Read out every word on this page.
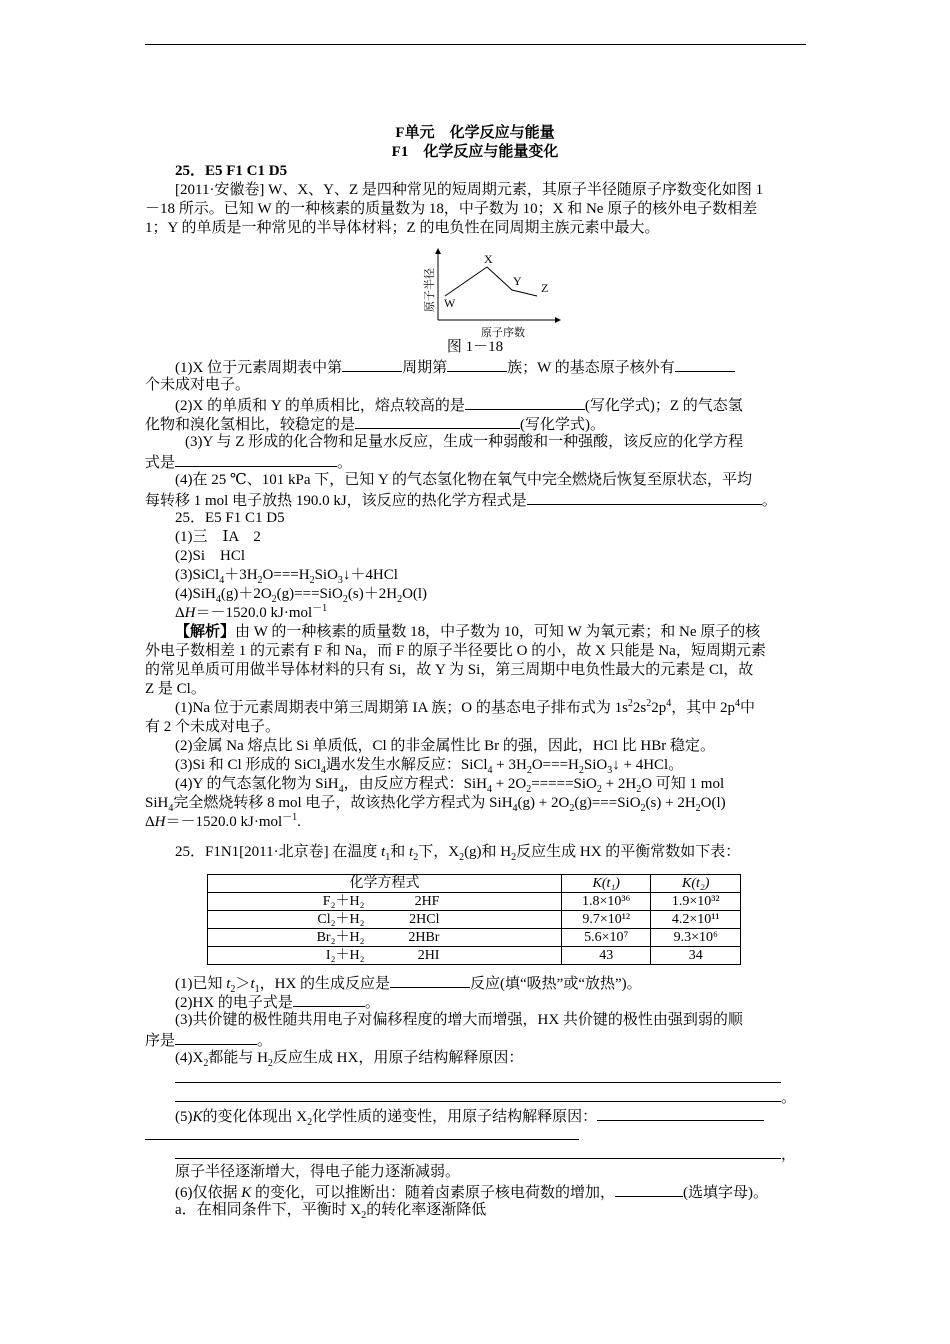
F单元　化学反应与能量
F1　化学反应与能量变化
25．E5 F1 C1 D5
[2011·安徽卷] W、X、Y、Z 是四种常见的短周期元素，其原子半径随原子序数变化如图 1
－18 所示。已知 W 的一种核素的质量数为 18，中子数为 10；X 和 Ne 原子的核外电子数相差
1；Y 的单质是一种常见的半导体材料；Z 的电负性在同周期主族元素中最大。
W
X
Y Z
原子半径
原子序数
图 1－18
(1)X 位于元素周期表中第	周期第	族；W 的基态原子核外有
个未成对电子。
(2)X 的单质和 Y 的单质相比，熔点较高的是	(写化学式)；Z 的气态氢
化物和溴化氢相比，较稳定的是	(写化学式)。
(3)Y 与 Z 形成的化合物和足量水反应，生成一种弱酸和一种强酸，该反应的化学方程
式是	。
(4)在 25 ℃、101 kPa 下，已知 Y 的气态氢化物在氧气中完全燃烧后恢复至原状态，平均
每转移 1 mol 电子放热 190.0 kJ，该反应的热化学方程式是	。
25．E5 F1 C1 D5
(1)三　ⅠA　2
(2)Si　HCl
$(3)SiCl_4+3H_2O===H_2SiO_3↓+4HCl$
$(4)SiH_4(g)+2O_2(g)===SiO_2(s)+2H_2O(l)$
ΔH＝－1520.0 kJ·mol$^{-1}$
【解析】由 W 的一种核素的质量数 18，中子数为 10，可知 W 为氧元素；和 Ne 原子的核
外电子数相差 1 的元素有 F 和 Na，而 F 的原子半径要比 O 的小，故 X 只能是 Na，短周期元素
的常见单质可用做半导体材料的只有 Si，故 Y 为 Si，第三周期中电负性最大的元素是 Cl，故
Z 是 Cl。
(1)Na 位于元素周期表中第三周期第 IA 族；O 的基态电子排布式为 $1s^22s^22p^4$，其中 $2p^4$中
有 2 个未成对电子。
(2)金属 Na 熔点比 Si 单质低，Cl 的非金属性比 Br 的强，因此，HCl 比 HBr 稳定。
(3)Si 和 Cl 形成的 SiCl$_4$遇水发生水解反应：SiCl$_4$ + $3H_2O===H_2SiO_3↓ + 4HCl$。
(4)Y 的气态氢化物为 SiH$_4$，由反应方程式：$SiH_4 + 2O_2=====SiO_2 + 2H_2O$ 可知 1 mol
SiH$_4$完全燃烧转移 8 mol 电子，故该热化学方程式为 $SiH_4(g) + 2O_2(g)===SiO_2(s) + 2H_2O(l)$
ΔH＝－1520.0 kJ·mol$^{-1}$.
25．F1N1[2011·北京卷] 在温度 $t_1$和 $t_2$下，$X_2(g)$和 $H_2$反应生成 HX 的平衡常数如下表：
化学方程式	K(t₁)	K(t₂)
F₂＋H₂ 2HF	1.8×10³⁶	1.9×10³²
Cl₂＋H₂ 2HCl	9.7×10¹²	4.2×10¹¹
Br₂＋H₂ 2HBr	5.6×10⁷	9.3×10⁶
I₂＋H₂ 2HI	43	34
(1)已知 $t_2>t_1$，HX 的生成反应是	反应(填“吸热”或“放热”)。
(2)HX 的电子式是	。
(3)共价键的极性随共用电子对偏移程度的增大而增强，HX 共价键的极性由强到弱的顺
序是	。
$(4)X_2$都能与 $H_2$反应生成 HX，用原子结构解释原因：
。
(5)K的变化体现出 $X_2$化学性质的递变性，用原子结构解释原因：
，
原子半径逐渐增大，得电子能力逐渐减弱。
(6)仅依据 K 的变化，可以推断出：随着卤素原子核电荷数的增加，	(选填字母)。
a．在相同条件下，平衡时 $X_2$的转化率逐渐降低
